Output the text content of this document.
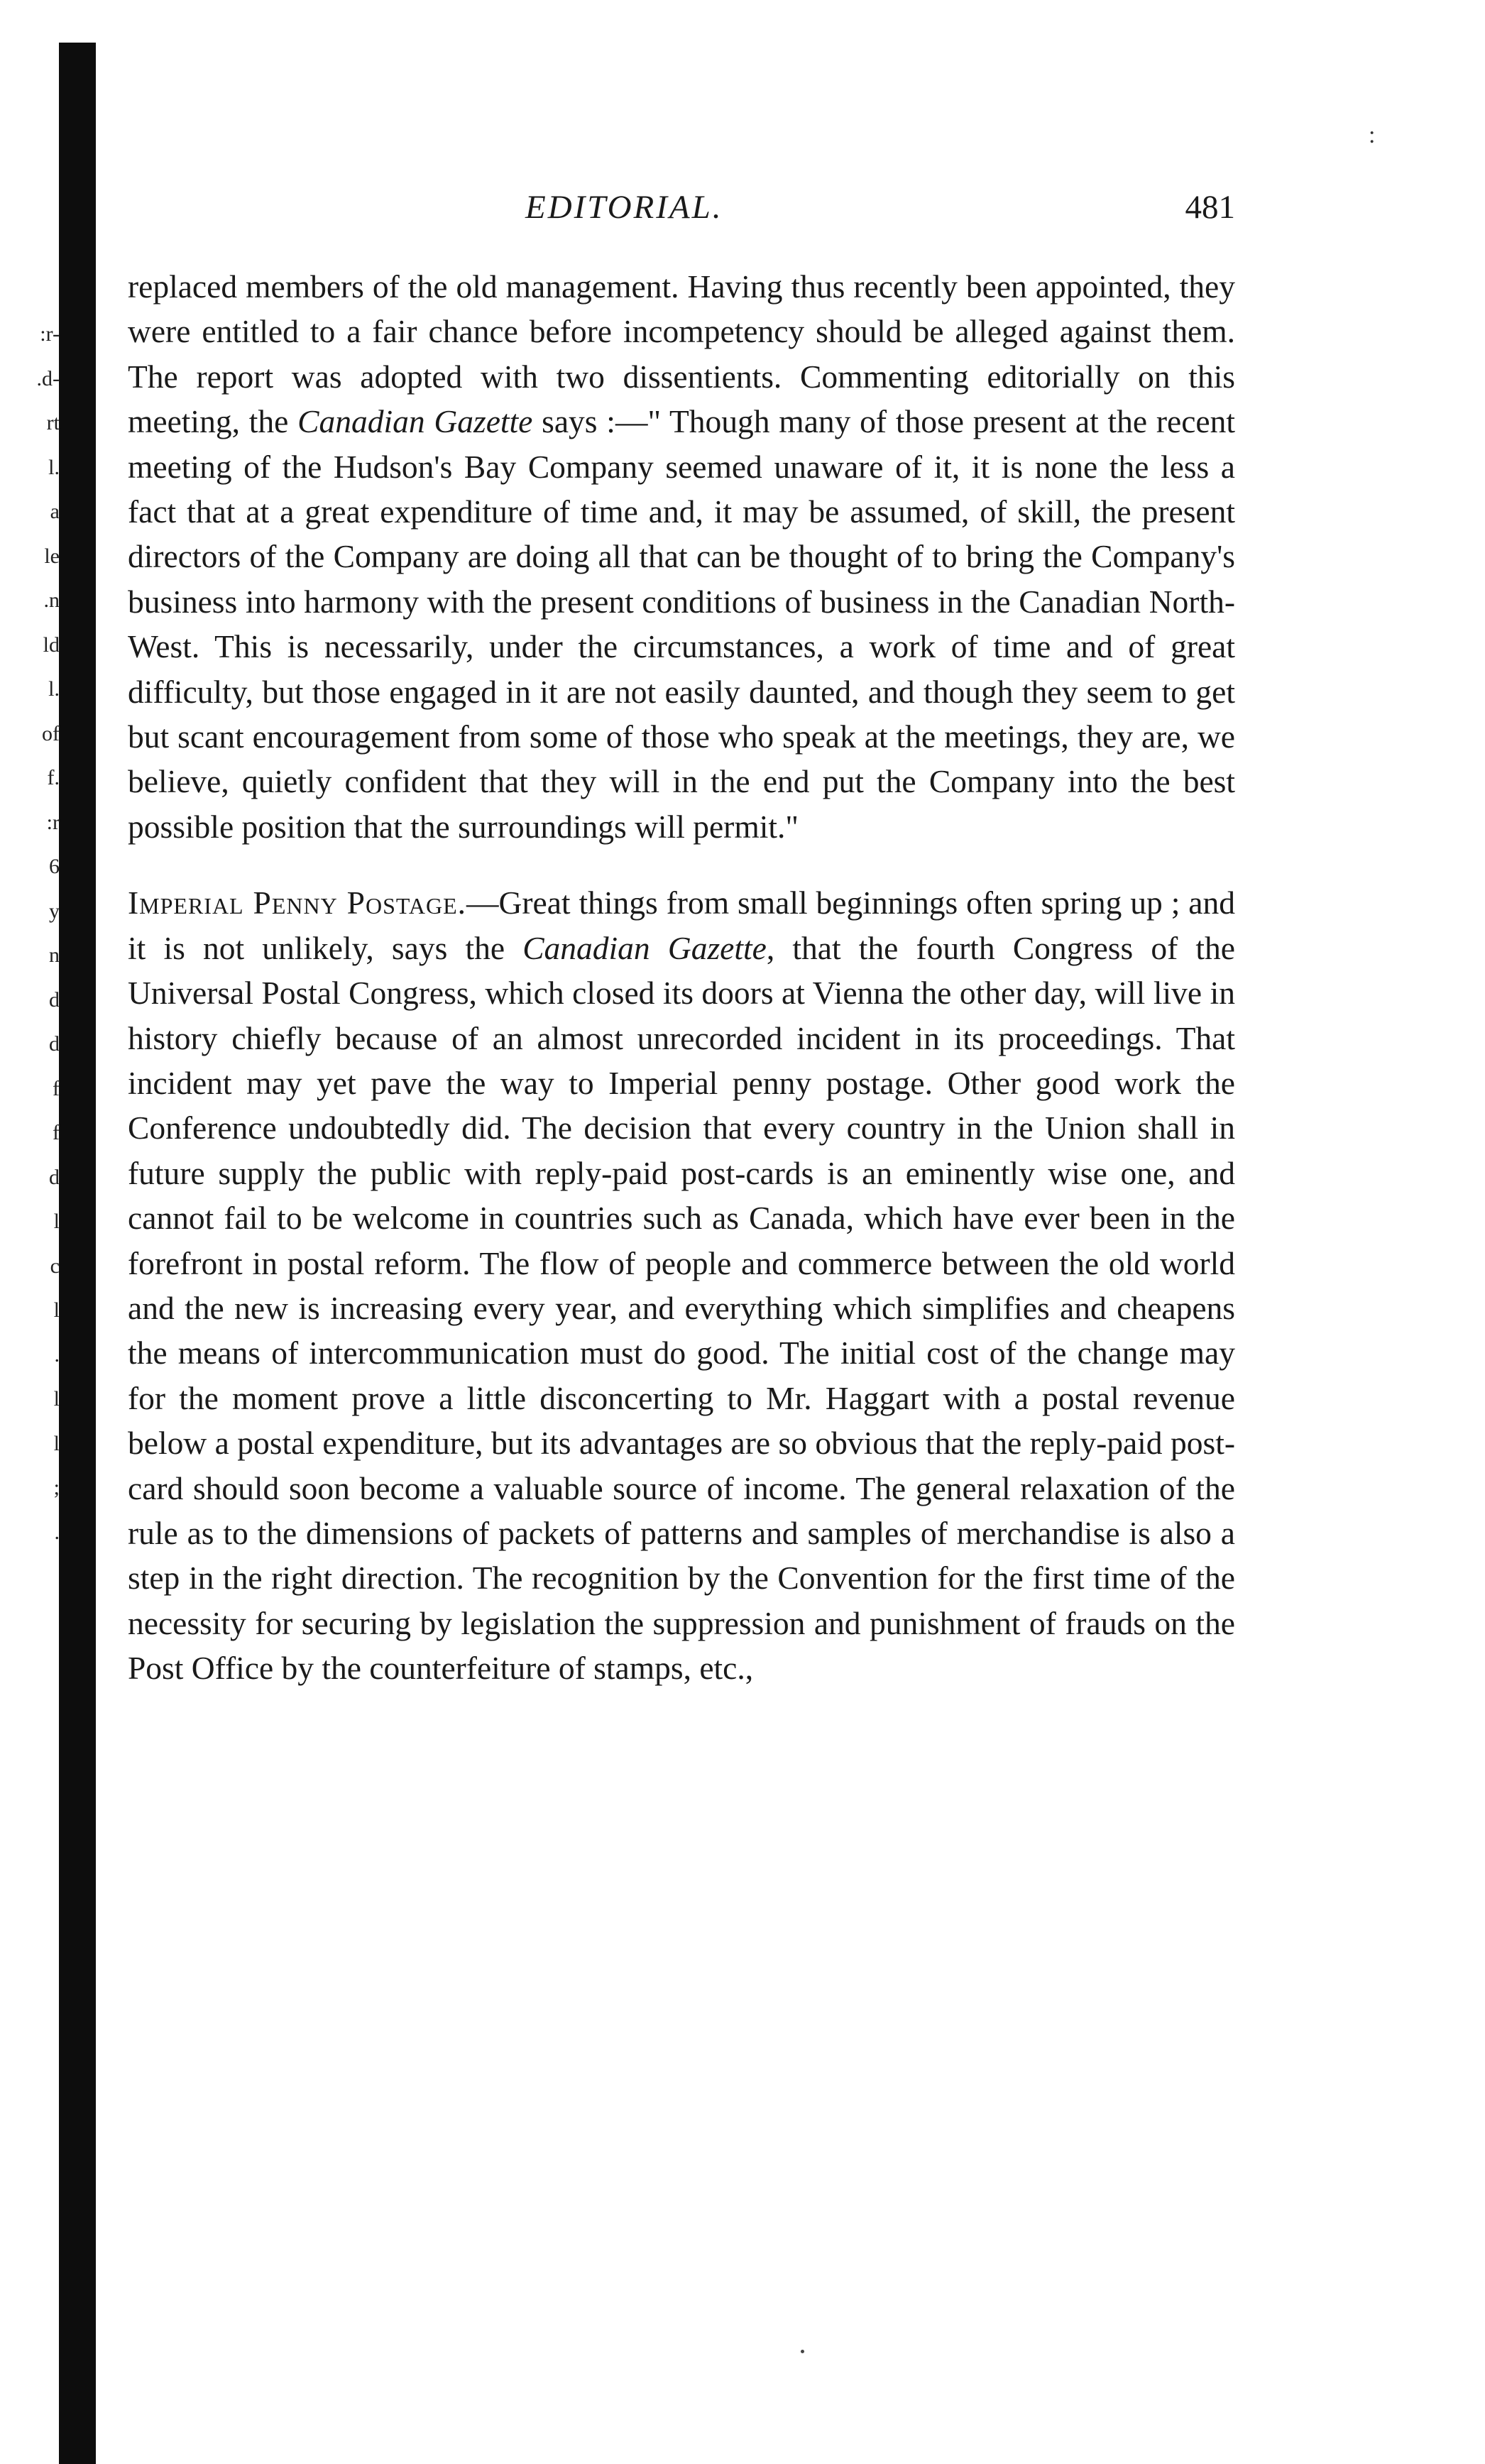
:r-
.d-
rt
l.
a
le
.n
ld
l.
of
f.
:r
6
y
n
d
d
f
f
d
l
c
l
.
l
l
;
.
:
EDITORIAL.	481

replaced members of the old management. Having thus recently been appointed, they were entitled to a fair chance before incompetency should be alleged against them. The report was adopted with two dissentients. Commenting editorially on this meeting, the Canadian Gazette says :—" Though many of those present at the recent meeting of the Hudson's Bay Company seemed unaware of it, it is none the less a fact that at a great expenditure of time and, it may be assumed, of skill, the present directors of the Company are doing all that can be thought of to bring the Company's business into harmony with the present conditions of business in the Canadian North-West. This is necessarily, under the circumstances, a work of time and of great difficulty, but those engaged in it are not easily daunted, and though they seem to get but scant encouragement from some of those who speak at the meetings, they are, we believe, quietly confident that they will in the end put the Company into the best possible position that the surroundings will permit."

Imperial Penny Postage.—Great things from small beginnings often spring up ; and it is not unlikely, says the Canadian Gazette, that the fourth Congress of the Universal Postal Congress, which closed its doors at Vienna the other day, will live in history chiefly because of an almost unrecorded incident in its proceedings. That incident may yet pave the way to Imperial penny postage. Other good work the Conference undoubtedly did. The decision that every country in the Union shall in future supply the public with reply-paid post-cards is an eminently wise one, and cannot fail to be welcome in countries such as Canada, which have ever been in the forefront in postal reform. The flow of people and commerce between the old world and the new is increasing every year, and everything which simplifies and cheapens the means of intercommunication must do good. The initial cost of the change may for the moment prove a little disconcerting to Mr. Haggart with a postal revenue below a postal expenditure, but its advantages are so obvious that the reply-paid post-card should soon become a valuable source of income. The general relaxation of the rule as to the dimensions of packets of patterns and samples of merchandise is also a step in the right direction. The recognition by the Convention for the first time of the necessity for securing by legislation the suppression and punishment of frauds on the Post Office by the counterfeiture of stamps, etc.,
